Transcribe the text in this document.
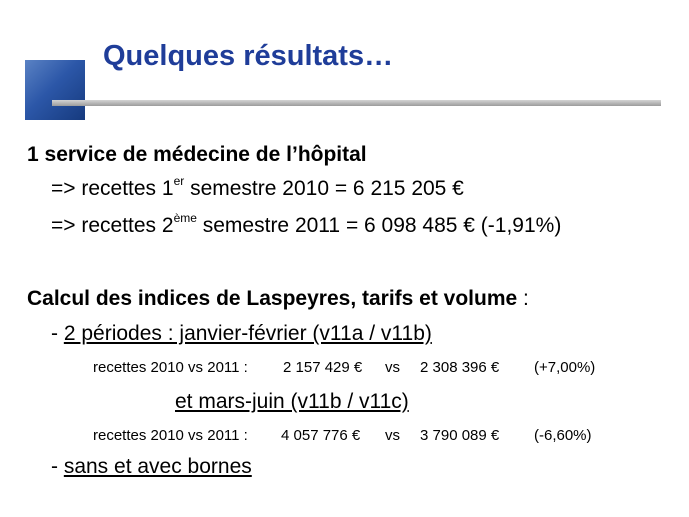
Quelques résultats…
1 service de médecine de l’hôpital
=> recettes 1er semestre 2010 = 6 215 205 €
=> recettes 2ème semestre 2011 = 6 098 485 € (-1,91%)
Calcul des indices de Laspeyres, tarifs et volume :
- 2 périodes : janvier-février (v11a / v11b)
recettes 2010 vs 2011 : 2 157 429 € vs 2 308 396 € (+7,00%)
et mars-juin (v11b / v11c)
recettes 2010 vs 2011 : 4 057 776 € vs 3 790 089 € (-6,60%)
- sans et avec bornes
